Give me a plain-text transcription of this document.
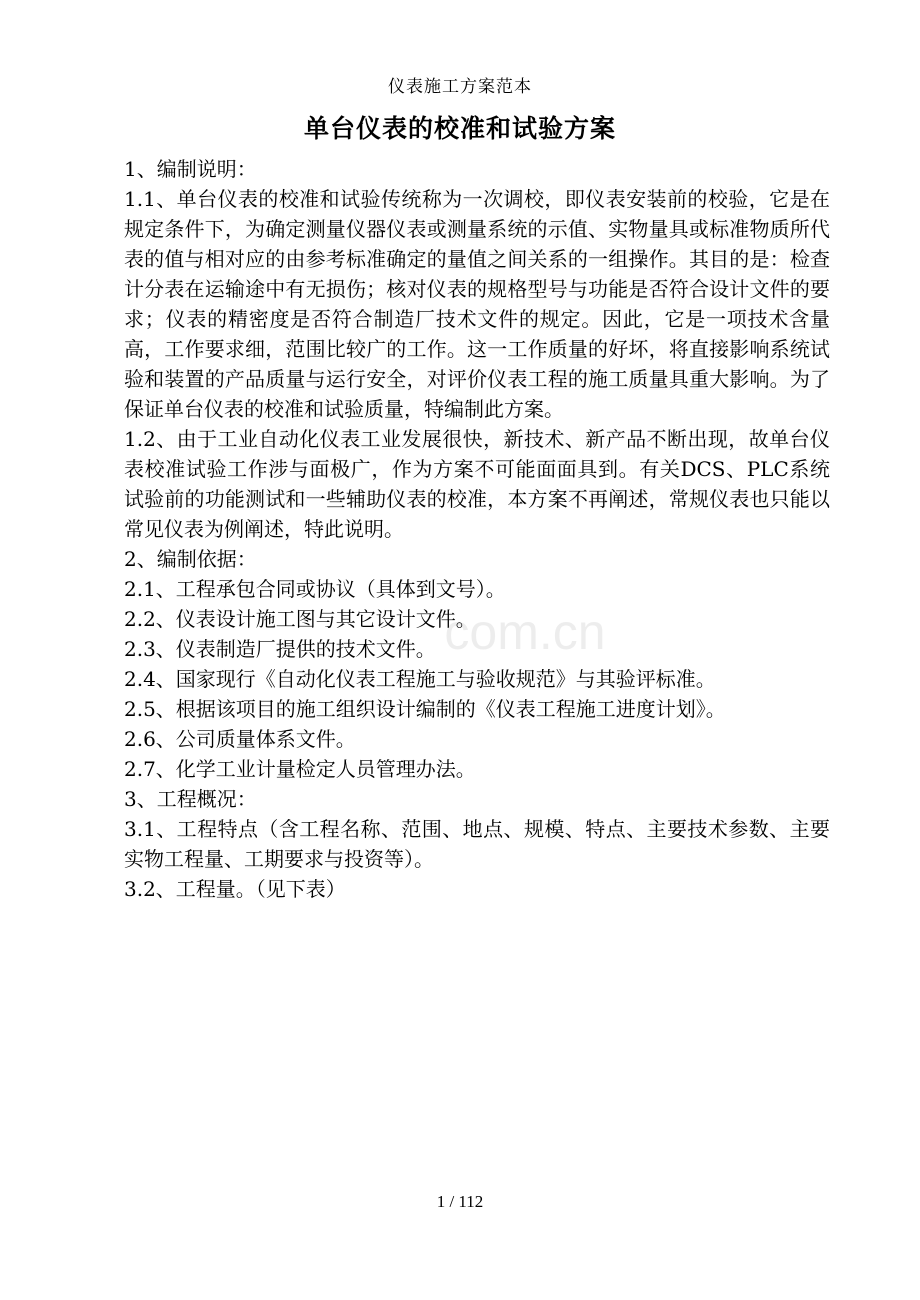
仪表施工方案范本
单台仪表的校准和试验方案

1、编制说明：

1.1、单台仪表的校准和试验传统称为一次调校，即仪表安装前的校验，它是在规定条件下，为确定测量仪器仪表或测量系统的示值、实物量具或标准物质所代表的值与相对应的由参考标准确定的量值之间关系的一组操作。其目的是：检查计分表在运输途中有无损伤；核对仪表的规格型号与功能是否符合设计文件的要求；仪表的精密度是否符合制造厂技术文件的规定。因此，它是一项技术含量高，工作要求细，范围比较广的工作。这一工作质量的好坏，将直接影响系统试验和装置的产品质量与运行安全，对评价仪表工程的施工质量具重大影响。为了保证单台仪表的校准和试验质量，特编制此方案。

1.2、由于工业自动化仪表工业发展很快，新技术、新产品不断出现，故单台仪表校准试验工作涉与面极广，作为方案不可能面面具到。有关DCS、PLC系统试验前的功能测试和一些辅助仪表的校准，本方案不再阐述，常规仪表也只能以常见仪表为例阐述，特此说明。

2、编制依据：

2.1、工程承包合同或协议（具体到文号）。

2.2、仪表设计施工图与其它设计文件。

2.3、仪表制造厂提供的技术文件。

2.4、国家现行《自动化仪表工程施工与验收规范》与其验评标准。

2.5、根据该项目的施工组织设计编制的《仪表工程施工进度计划》。

2.6、公司质量体系文件。

2.7、化学工业计量检定人员管理办法。

3、工程概况：

3.1、工程特点（含工程名称、范围、地点、规模、特点、主要技术参数、主要实物工程量、工期要求与投资等）。

3.2、工程量。（见下表）

com.cn
1 / 112
